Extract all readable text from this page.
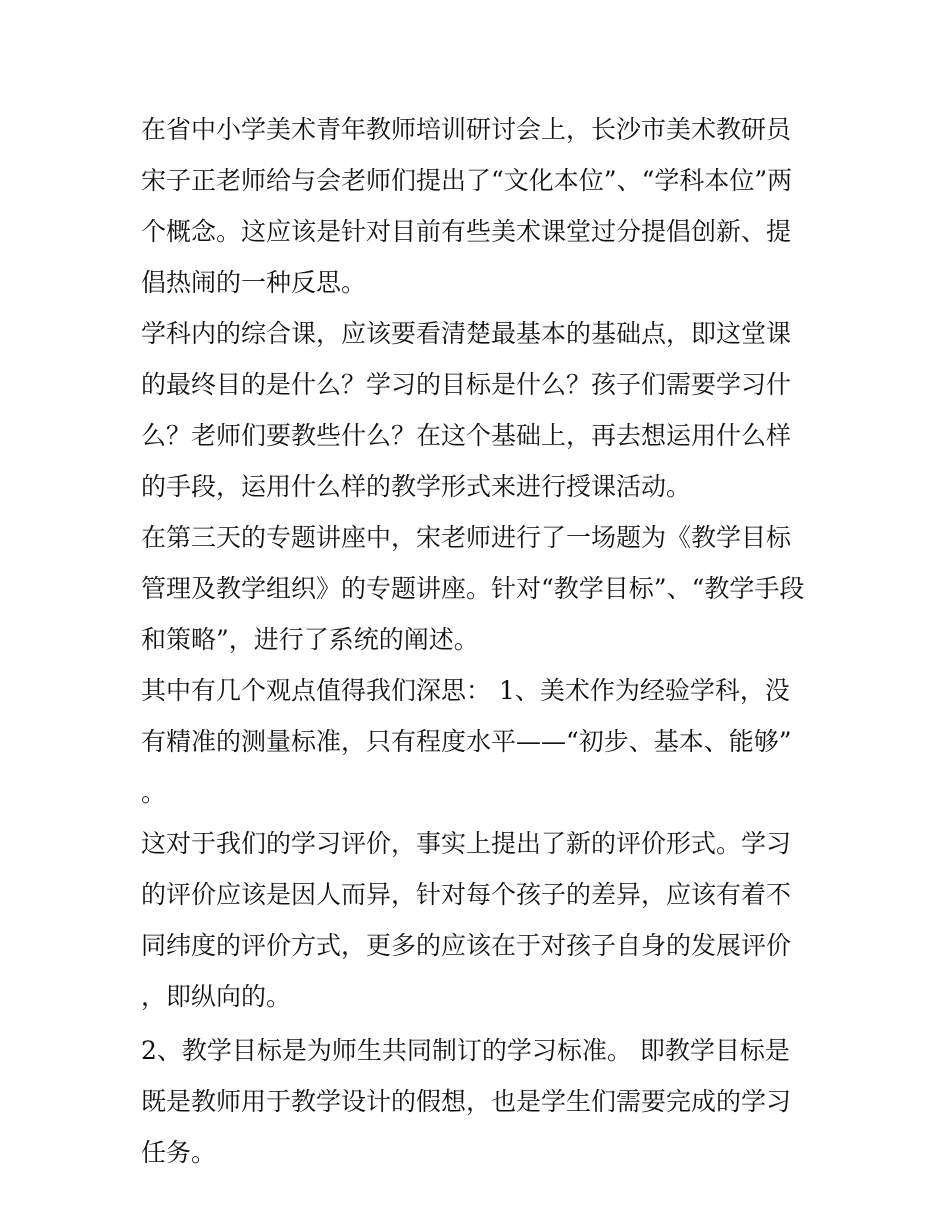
在省中小学美术青年教师培训研讨会上，长沙市美术教研员宋子正老师给与会老师们提出了“文化本位”、“学科本位”两个概念。这应该是针对目前有些美术课堂过分提倡创新、提倡热闹的一种反思。

学科内的综合课，应该要看清楚最基本的基础点，即这堂课的最终目的是什么？学习的目标是什么？孩子们需要学习什么？老师们要教些什么？在这个基础上，再去想运用什么样的手段，运用什么样的教学形式来进行授课活动。

在第三天的专题讲座中，宋老师进行了一场题为《教学目标管理及教学组织》的专题讲座。针对“教学目标”、“教学手段和策略”，进行了系统的阐述。

其中有几个观点值得我们深思： 1、美术作为经验学科，没有精准的测量标准，只有程度水平——“初步、基本、能够”。

这对于我们的学习评价，事实上提出了新的评价形式。学习的评价应该是因人而异，针对每个孩子的差异，应该有着不同纬度的评价方式，更多的应该在于对孩子自身的发展评价，即纵向的。

2、教学目标是为师生共同制订的学习标准。 即教学目标是既是教师用于教学设计的假想，也是学生们需要完成的学习任务。
